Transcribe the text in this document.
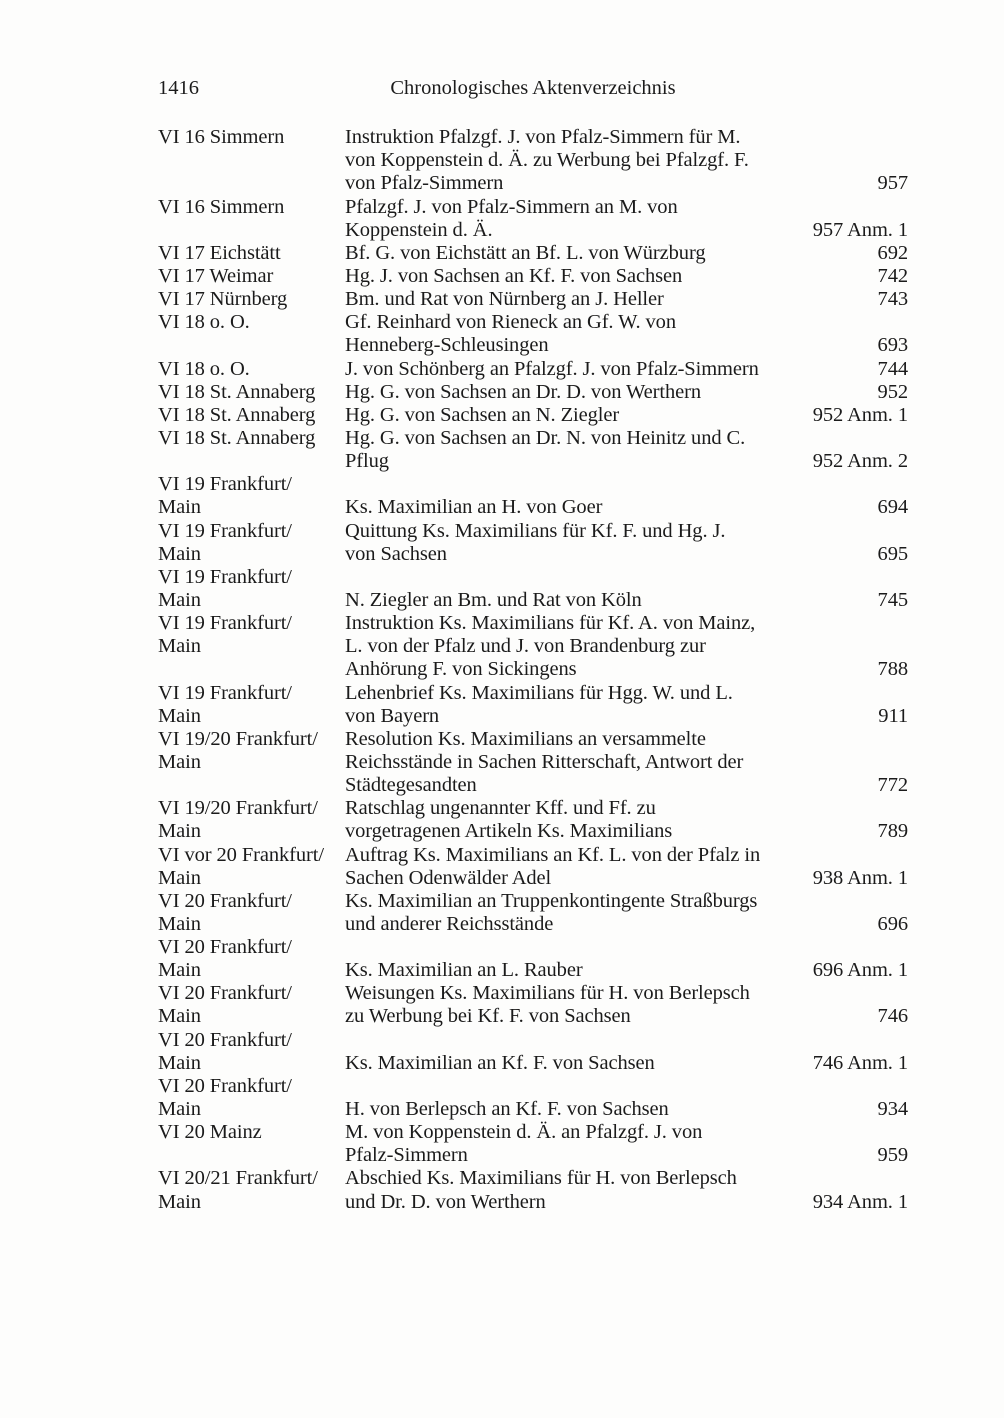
1416	Chronologisches Aktenverzeichnis
VI 16 Simmern	Instruktion Pfalzgf. J. von Pfalz-Simmern für M.
von Koppenstein d. Ä. zu Werbung bei Pfalzgf. F.
von Pfalz-Simmern	957
VI 16 Simmern	Pfalzgf. J. von Pfalz-Simmern an M. von
Koppenstein d. Ä.	957 Anm. 1
VI 17 Eichstätt	Bf. G. von Eichstätt an Bf. L. von Würzburg	692
VI 17 Weimar	Hg. J. von Sachsen an Kf. F. von Sachsen	742
VI 17 Nürnberg	Bm. und Rat von Nürnberg an J. Heller	743
VI 18 o. O.	Gf. Reinhard von Rieneck an Gf. W. von
Henneberg-Schleusingen	693
VI 18 o. O.	J. von Schönberg an Pfalzgf. J. von Pfalz-Simmern	744
VI 18 St. Annaberg	Hg. G. von Sachsen an Dr. D. von Werthern	952
VI 18 St. Annaberg	Hg. G. von Sachsen an N. Ziegler	952 Anm. 1
VI 18 St. Annaberg	Hg. G. von Sachsen an Dr. N. von Heinitz und C.
Pflug	952 Anm. 2
VI 19 Frankfurt/
Main	Ks. Maximilian an H. von Goer	694
VI 19 Frankfurt/	Quittung Ks. Maximilians für Kf. F. und Hg. J.
Main	von Sachsen	695
VI 19 Frankfurt/
Main	N. Ziegler an Bm. und Rat von Köln	745
VI 19 Frankfurt/	Instruktion Ks. Maximilians für Kf. A. von Mainz,
Main	L. von der Pfalz und J. von Brandenburg zur
Anhörung F. von Sickingens	788
VI 19 Frankfurt/	Lehenbrief Ks. Maximilians für Hgg. W. und L.
Main	von Bayern	911
VI 19/20 Frankfurt/	Resolution Ks. Maximilians an versammelte
Main	Reichsstände in Sachen Ritterschaft, Antwort der
Städtegesandten	772
VI 19/20 Frankfurt/	Ratschlag ungenannter Kff. und Ff. zu
Main	vorgetragenen Artikeln Ks. Maximilians	789
VI vor 20 Frankfurt/	Auftrag Ks. Maximilians an Kf. L. von der Pfalz in
Main	Sachen Odenwälder Adel	938 Anm. 1
VI 20 Frankfurt/	Ks. Maximilian an Truppenkontingente Straßburgs
Main	und anderer Reichsstände	696
VI 20 Frankfurt/
Main	Ks. Maximilian an L. Rauber	696 Anm. 1
VI 20 Frankfurt/	Weisungen Ks. Maximilians für H. von Berlepsch
Main	zu Werbung bei Kf. F. von Sachsen	746
VI 20 Frankfurt/
Main	Ks. Maximilian an Kf. F. von Sachsen	746 Anm. 1
VI 20 Frankfurt/
Main	H. von Berlepsch an Kf. F. von Sachsen	934
VI 20 Mainz	M. von Koppenstein d. Ä. an Pfalzgf. J. von
Pfalz-Simmern	959
VI 20/21 Frankfurt/	Abschied Ks. Maximilians für H. von Berlepsch
Main	und Dr. D. von Werthern	934 Anm. 1
